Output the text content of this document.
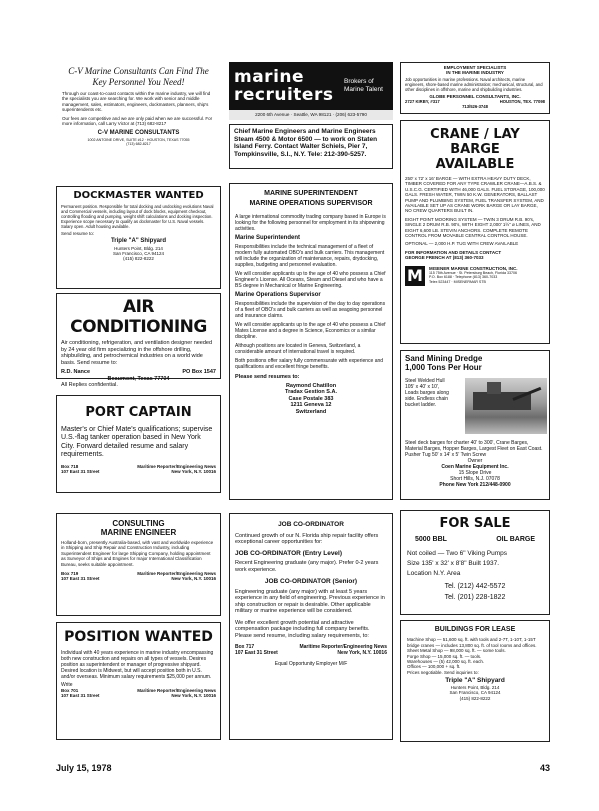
C-V Marine Consultants Can Find The Key Personnel You Need!

Through our coast-to-coast contacts within the marine industry, we will find the specialists you are searching for. We work with senior and middle management, sales, estimators, engineers, dockmasters, planners, ship's superintendents etc.

Our fees are competitive and we are only paid when we are successful. For more information, call Larry Victor at (713) 682-8217

C-V MARINE CONSULTANTS

1002 ANTOINE DRIVE, SUITE #12 · HOUSTON, TEXAS 77055

(713) 682-8217

marine recruiters
Brokers of Marine Talent
2200 6th Avenue · Seattle, WA 98121 · (206) 623-5790

Chief Marine Engineers and Marine Engineers Steam 4500 & Motor 6500 — to work on Staten Island Ferry. Contact Walter Schiels, Pier 7, Tompkinsville, S.I., N.Y. Tele: 212-390-5257.

EMPLOYMENT SPECIALISTS

IN THE MARINE INDUSTRY

Job opportunities in marine professions. Naval architects, marine engineers, shore-based marine administration; mechanical, structural, and other disciplines in offshore, marine and shipbuilding industries.

GLOBE PERSONNEL CONSULTANTS, INC.

2727 KIRBY, #317	HOUSTON, TEX. 77098

713/526-3748

DOCKMASTER WANTED

Permanent position. Responsible for total docking and undocking evolutions Naval and Commercial vessels, including layout of dock blocks, equipment checkout, controlling flooding and pumping, weight shift calculations and docking inspection. Experience scope necessary to qualify as dockmaster for U.S. Naval vessels. Salary open. Adult housing available.

Send resume to:

Triple "A" Shipyard

Hunters Point, Bldg. 214

San Francisco, CA 94124

(415) 822-8222

AIR CONDITIONING

Air conditioning, refrigeration, and ventilation designer needed by 24 year old firm specializing in the offshore drilling, shipbuilding, and petrochemical industries on a world wide basis. Send resume to:

R.D. Nance	PO Box 1547

Beaumont, Texas 77704

All Replies confidential.

PORT CAPTAIN

Master's or Chief Mate's qualifications; supervise U.S.-flag tanker operation based in New York City. Forward detailed resume and salary requirements.

Box 718	Maritime Reporter/Engineering News
107 East 31 Street	New York, N.Y. 10016

MARINE SUPERINTENDENT

MARINE OPERATIONS SUPERVISOR

A large international commodity trading company based in Europe is looking for the following personnel for employment in its shipowning activities.

Marine Superintendent

Responsibilities include the technical management of a fleet of modern fully automated OBO's and bulk carriers. This management will include the organization of maintenance, repairs, drydocking, supplies, budgeting and personnel evaluation.

We will consider applicants up to the age of 40 who possess a Chief Engineer's License. All Oceans, Steam and Diesel and who have a BS degree in Mechanical or Marine Engineering.

Marine Operations Supervisor

Responsibilities include the supervision of the day to day operations of a fleet of OBO's and bulk carriers as well as seagoing personnel and insurance claims.

We will consider applicants up to the age of 40 who possess a Chief Mates License and a degree in Science, Economics or a similar discipline.

Although positions are located in Geneva, Switzerland, a considerable amount of international travel is required.

Both positions offer salary fully commensurate with experience and qualifications and excellent fringe benefits.

Please send resumes to:

Raymond Chatillon

Tradax Gestion S.A.

Case Postale 383

1211 Geneva 12

Switzerland

CRANE / LAY BARGE

AVAILABLE

250' x 72' x 16' BARGE — WITH EXTRA HEAVY DUTY DECK, TIMBER COVERED FOR ANY TYPE CRAWLER CRANE—A.B.S. & U.S.C.G. CERTIFIED WITH 46,000 GALS. FUEL STORAGE, 100,000 GALS. FRESH WATER, TWIN 50 K.W. GENERATORS, BALLAST PUMP AND PLUMBING SYSTEM, FUEL TRANSFER SYSTEM, AND AVAILABLE SET UP AS CRANE WORK BARGE OR LAY BARGE, NO CREW QUARTERS BUILT IN.

EIGHT POINT MOORING SYSTEM — TWIN 3 DRUM R.B. 90's, SINGLE 2 DRUM R.B. 90's, WITH EIGHT 2,000' 1½" ø LINES, AND EIGHT 6,600 LB. STEVIN ANCHORS. COMPLETE REMOTE CONTROL FROM MOVABLE CENTRAL CONTROL HOUSE.

OPTIONAL — 2,000 H.P. TUG WITH CREW AVAILABLE

FOR INFORMATION AND DETAILS CONTACT

GEORGE FRENCH AT (813) 360-7033

M MISENER MARINE CONSTRUCTION, INC.

115 75th Avenue · St. Petersburg Beach, Florida 33706

P.O. Box 6188 · Telephone (813) 360-7033

Telex 523447 · MISENERMAR STB

Sand Mining Dredge

1,000 Tons Per Hour

Steel Welded Hull

105' x 40' x 10',

Loads barges along

side. Endless chain

bucket ladder.

Steel deck barges for charter 40' to 300', Crane Barges, Material Barges, Hopper Barges, Largest Fleet on East Coast. Pusher Tug 50' x 14' x 5' Twin Screw

Owner

Coen Marine Equipment Inc.

15 Slope Drive

Short Hills, N.J. 07078

Phone New York 212/448-0900

CONSULTING

MARINE ENGINEER

Holland-born, presently Australia-based, with vast and worldwide experience in Shipping and Ship Repair and Construction Industry, including Superintendent Engineer for large Shipping Company, holding appointment as Surveyor of Ships and Engines for major International Classification Bureau, seeks suitable appointment.

Box 719	Maritime Reporter/Engineering News
107 East 31 Street	New York, N.Y. 10016

POSITION WANTED

Individual with 40 years experience in marine industry encompassing both new construction and repairs on all types of vessels. Desires position as superintendent or manager of progressive shipyard. Desired location is Midwest, but will accept position both in U.S. and/or overseas. Minimum salary requirements $25,000 per annum.

Write

Box 701	Maritime Reporter/Engineering News
107 East 31 Street	New York, N.Y. 10016

JOB CO-ORDINATOR

Continued growth of our N. Florida ship repair facility offers exceptional career opportunities for:

JOB CO-ORDINATOR (Entry Level)

Recent Engineering graduate (any major). Prefer 0-2 years work experience.

JOB CO-ORDINATOR (Senior)

Engineering graduate (any major) with at least 5 years experience in any field of engineering. Previous experience in ship construction or repair is desirable. Other applicable military or marine experience will be considered.

We offer excellent growth potential and attractive compensation package including full company benefits. Please send resume, including salary requirements, to:

Box 717	Maritime Reporter/Engineering News
107 East 31 Street	New York, N.Y. 10016

Equal Opportunity Employer M/F

FOR SALE

5000 BBL	OIL BARGE

Not coiled — Two 6" Viking Pumps

Size 135' x 32' x 8'8" Built 1937.

Location N.Y. Area

Tel. (212) 442-5572

Tel. (201) 228-1822

BUILDINGS FOR LEASE

Machine Shop — 51,600 sq. ft. with tools and 2-7T, 1-10T, 1-15T bridge cranes — includes 13,800 sq. ft. of tool rooms and offices.

Sheet Metal Shop — 98,000 sq. ft. — some tools.

Forge Shop — 15,000 sq. ft. — tools.

Warehouses — (5) 42,000 sq. ft. each.

Offices — 100,000 + sq. ft.

Prices negotiable. Send inquiries to:

Triple "A" Shipyard

Hunters Point, Bldg. 214

San Francisco, CA 94124

(415) 822-8222

July 15, 1978	43
